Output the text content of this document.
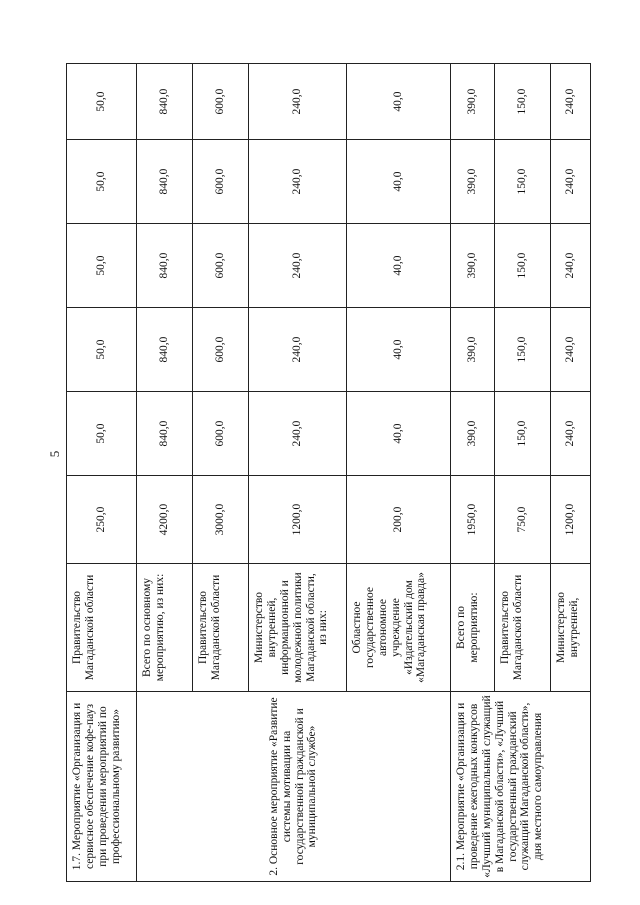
5
1.7. Мероприятие «Организация и сервисное обеспечение кофе-пауз при проведении мероприятий по профессиональному развитию»	Правительство Магаданской области	250,0	50,0	50,0	50,0	50,0	50,0
2. Основное мероприятие «Развитие системы мотивации на государственной гражданской и муниципальной службе»	Всего по основному мероприятию, из них:	4200,0	840,0	840,0	840,0	840,0	840,0
	Правительство Магаданской области	3000,0	600,0	600,0	600,0	600,0	600,0
	Министерство внутренней, информационной и молодежной политики Магаданской области, из них:	1200,0	240,0	240,0	240,0	240,0	240,0
	Областное государственное автономное учреждение «Издательский дом «Магаданская правда»	200,0	40,0	40,0	40,0	40,0	40,0
2.1. Мероприятие «Организация и проведение ежегодных конкурсов «Лучший муниципальный служащий в Магаданской области», «Лучший государственный гражданский служащий Магаданской области», дня местного самоуправления	Всего по мероприятию:	1950,0	390,0	390,0	390,0	390,0	390,0
	Правительство Магаданской области	750,0	150,0	150,0	150,0	150,0	150,0
	Министерство внутренней,	1200,0	240,0	240,0	240,0	240,0	240,0
